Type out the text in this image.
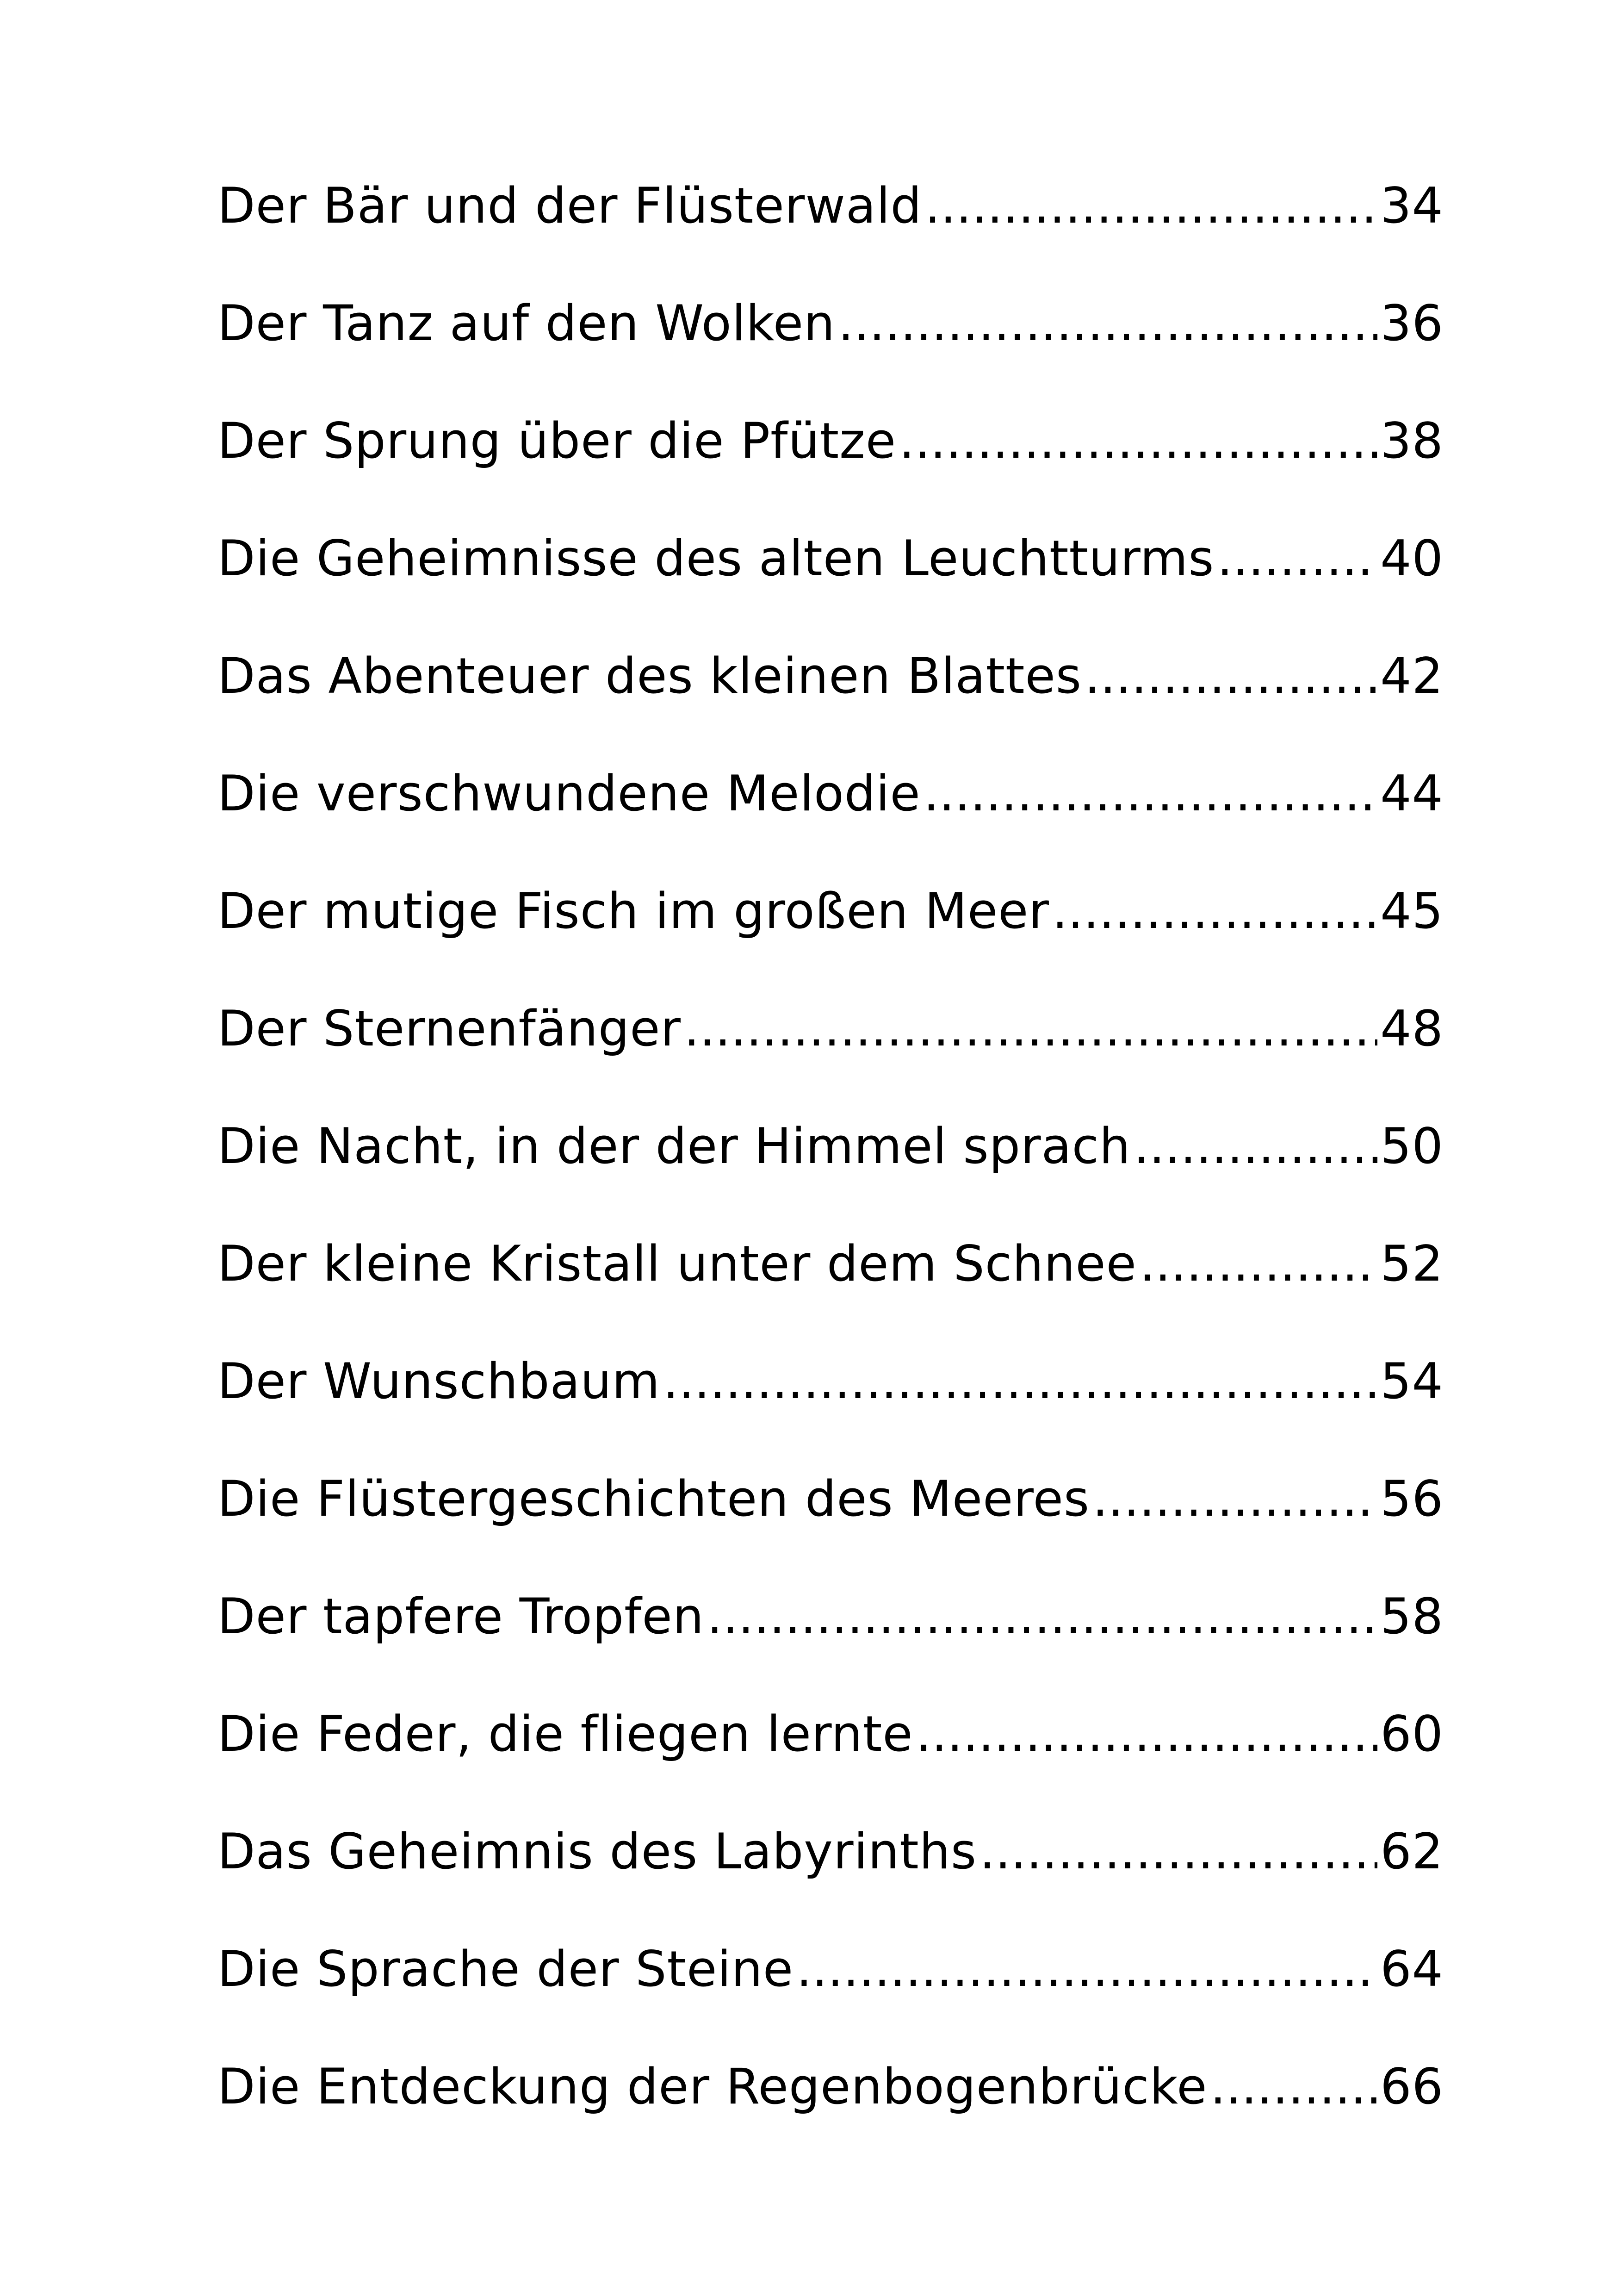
Der Bär und der Flüsterwald .....	34
Der Tanz auf den Wolken .....	36
Der Sprung über die Pfütze .....	38
Die Geheimnisse des alten Leuchtturms .....	40
Das Abenteuer des kleinen Blattes .....	42
Die verschwundene Melodie .....	44
Der mutige Fisch im großen Meer .....	45
Der Sternenfänger .....	48
Die Nacht, in der der Himmel sprach .....	50
Der kleine Kristall unter dem Schnee .....	52
Der Wunschbaum .....	54
Die Flüstergeschichten des Meeres .....	56
Der tapfere Tropfen .....	58
Die Feder, die fliegen lernte .....	60
Das Geheimnis des Labyrinths .....	62
Die Sprache der Steine .....	64
Die Entdeckung der Regenbogenbrücke .....	66
